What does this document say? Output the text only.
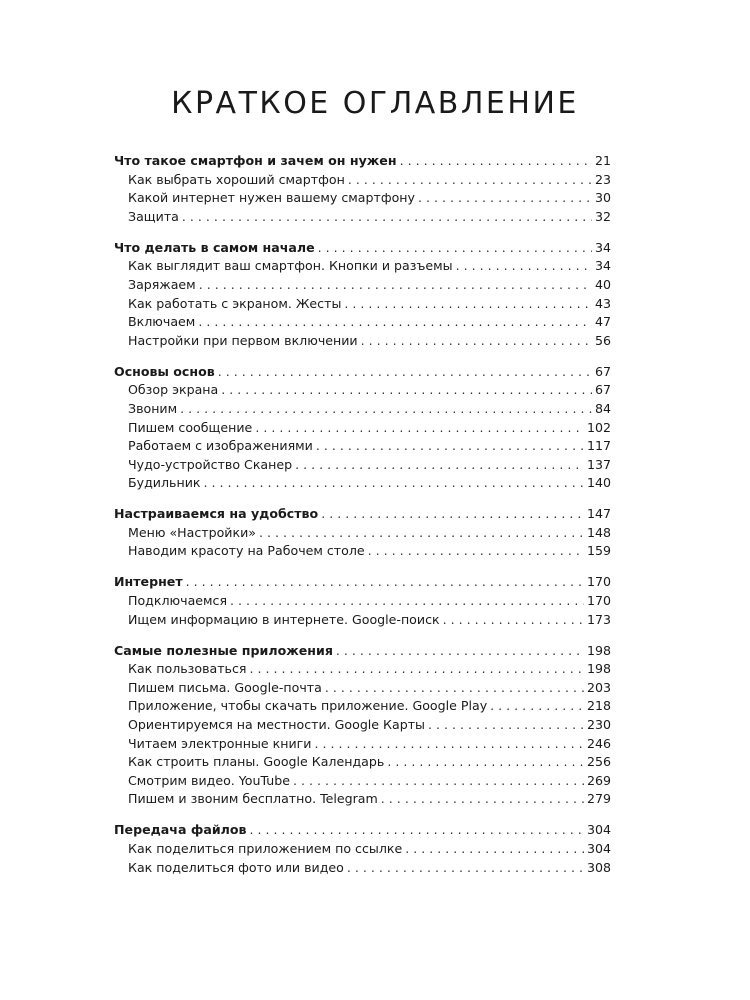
КРАТКОЕ ОГЛАВЛЕНИЕ
Что такое смартфон и зачем он нужен . . .	21
Как выбрать хороший смартфон . . .	23
Какой интернет нужен вашему смартфону . . .	30
Защита . . .	32
Что делать в самом начале . . .	34
Как выглядит ваш смартфон. Кнопки и разъемы . . .	34
Заряжаем . . .	40
Как работать с экраном. Жесты . . .	43
Включаем . . .	47
Настройки при первом включении . . .	56
Основы основ . . .	67
Обзор экрана . . .	67
Звоним . . .	84
Пишем сообщение . . .	102
Работаем с изображениями . . .	117
Чудо-устройство Сканер . . .	137
Будильник . . .	140
Настраиваемся на удобство . . .	147
Меню «Настройки» . . .	148
Наводим красоту на Рабочем столе . . .	159
Интернет . . .	170
Подключаемся . . .	170
Ищем информацию в интернете. Google-поиск . . .	173
Самые полезные приложения . . .	198
Как пользоваться . . .	198
Пишем письма. Google-почта . . .	203
Приложение, чтобы скачать приложение. Google Play . . .	218
Ориентируемся на местности. Google Карты . . .	230
Читаем электронные книги . . .	246
Как строить планы. Google Календарь . . .	256
Смотрим видео. YouTube . . .	269
Пишем и звоним бесплатно. Telegram . . .	279
Передача файлов . . .	304
Как поделиться приложением по ссылке . . .	304
Как поделиться фото или видео . . .	308
